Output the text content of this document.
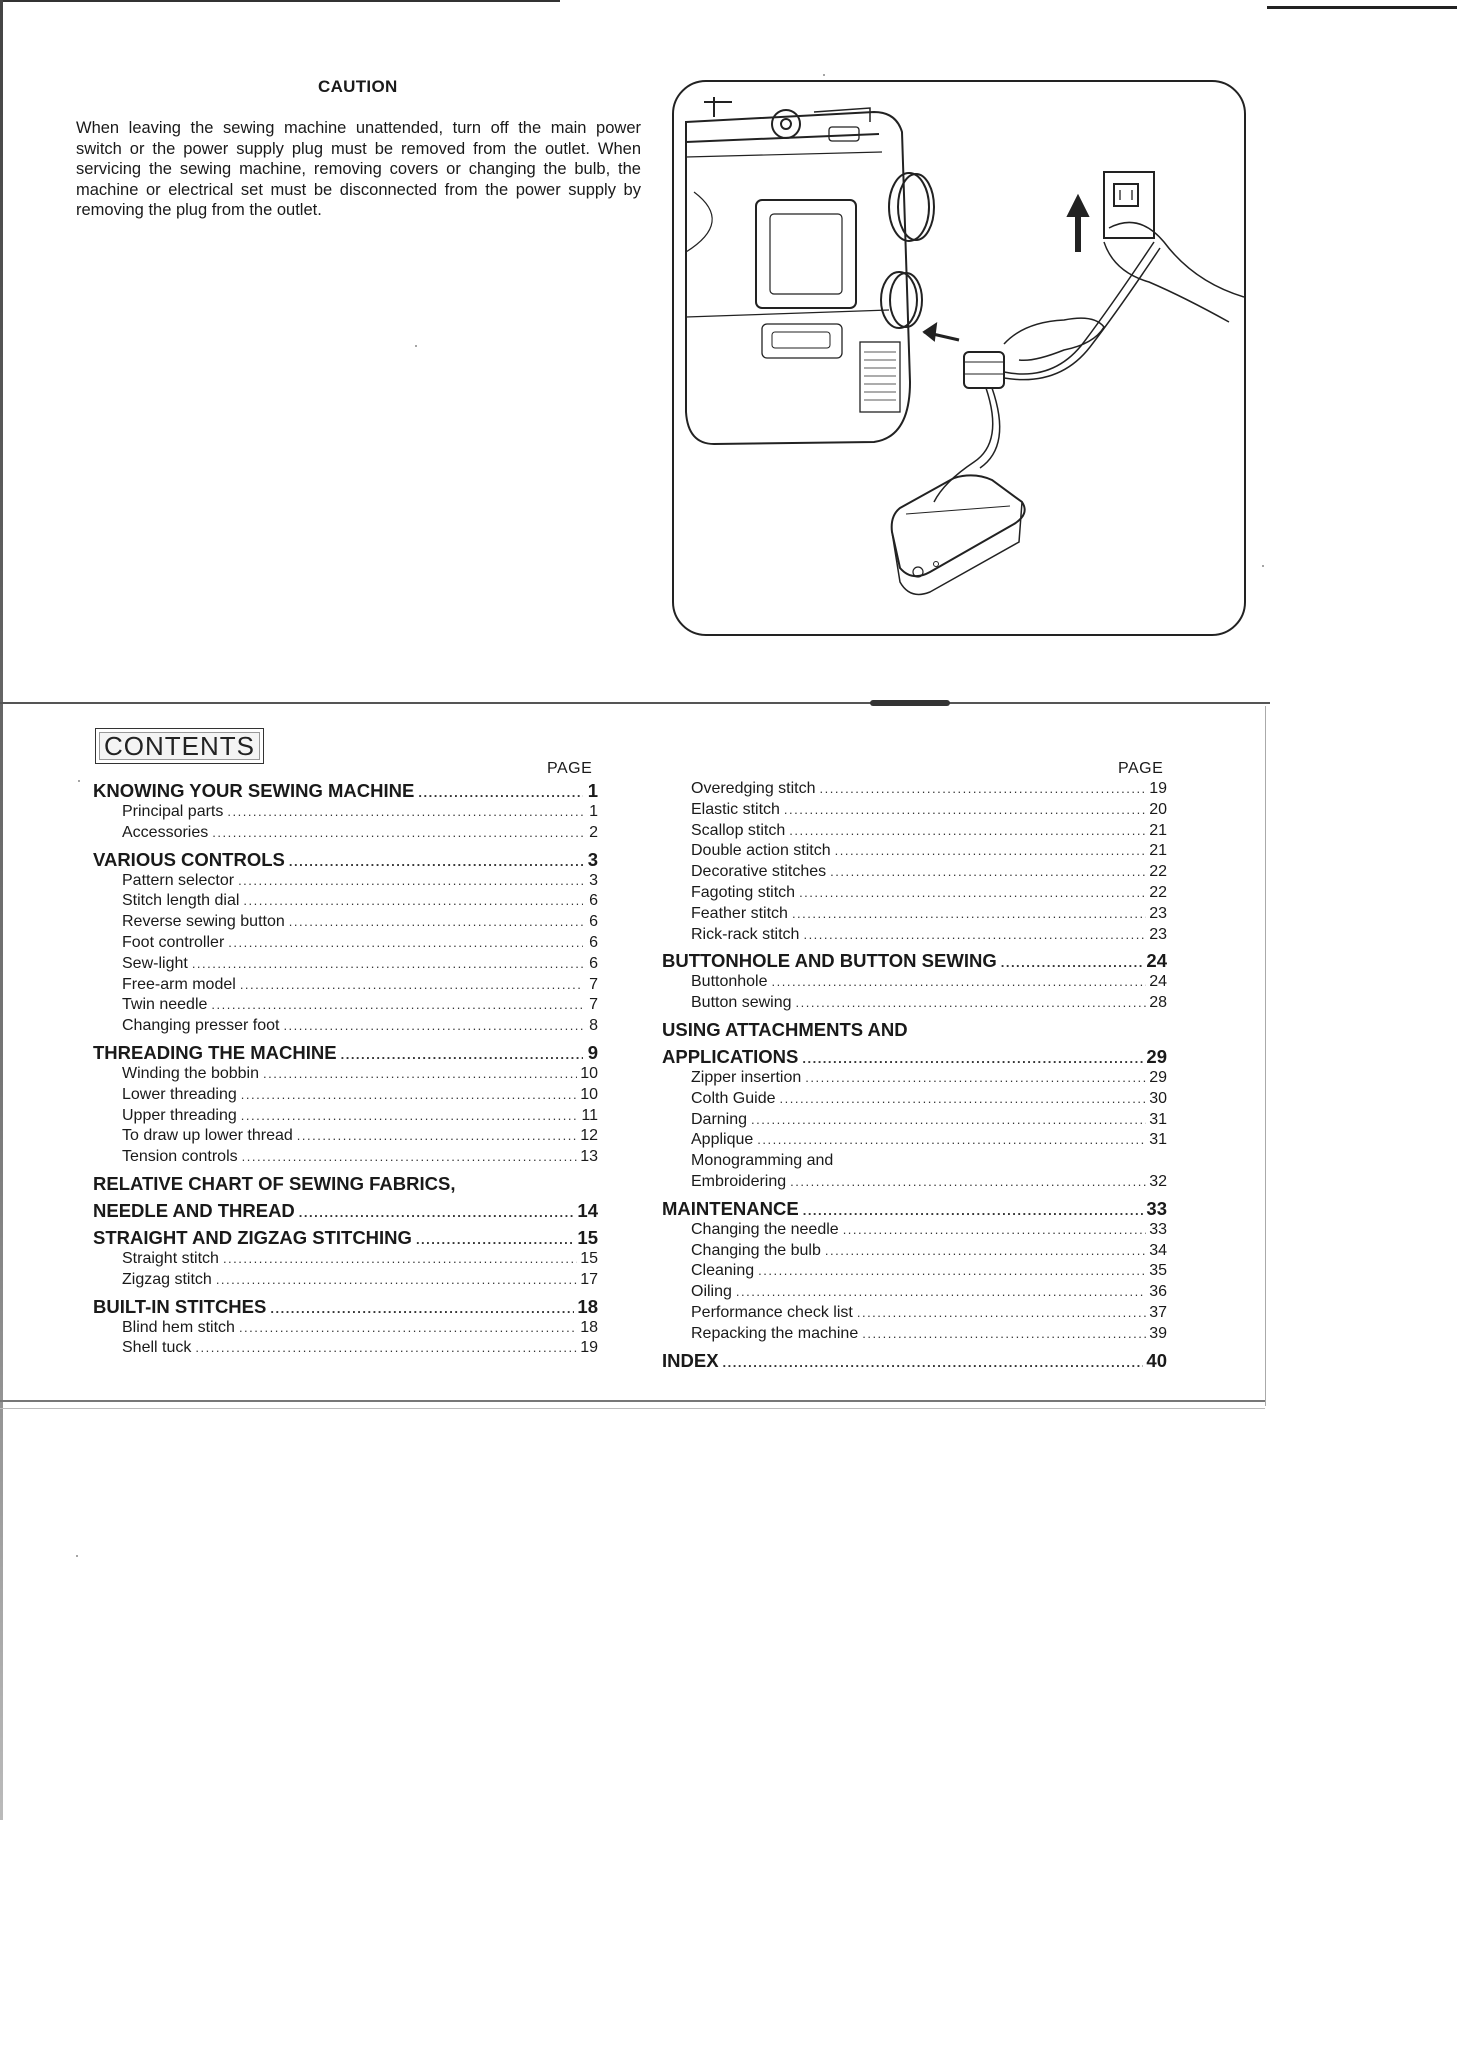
CAUTION
When leaving the sewing machine unattended, turn off the main power switch or the power supply plug must be removed from the outlet. When servicing the sewing machine, removing covers or changing the bulb, the machine or electrical set must be disconnected from the power supply by removing the plug from the outlet.
CONTENTS
PAGE	PAGE
KNOWING YOUR SEWING MACHINE .....	1
Principal parts .....	1
Accessories .....	2
VARIOUS CONTROLS .....	3
Pattern selector .....	3
Stitch length dial .....	6
Reverse sewing button .....	6
Foot controller .....	6
Sew-light .....	6
Free-arm model .....	7
Twin needle .....	7
Changing presser foot .....	8
THREADING THE MACHINE .....	9
Winding the bobbin .....	10
Lower threading .....	10
Upper threading .....	11
To draw up lower thread .....	12
Tension controls .....	13
RELATIVE CHART OF SEWING FABRICS,
NEEDLE AND THREAD .....	14
STRAIGHT AND ZIGZAG STITCHING .....	15
Straight stitch .....	15
Zigzag stitch .....	17
BUILT-IN STITCHES .....	18
Blind hem stitch .....	18
Shell tuck .....	19
Overedging stitch .....	19
Elastic stitch .....	20
Scallop stitch .....	21
Double action stitch .....	21
Decorative stitches .....	22
Fagoting stitch .....	22
Feather stitch .....	23
Rick-rack stitch .....	23
BUTTONHOLE AND BUTTON SEWING .....	24
Buttonhole .....	24
Button sewing .....	28
USING ATTACHMENTS AND
APPLICATIONS .....	29
Zipper insertion .....	29
Colth Guide .....	30
Darning .....	31
Applique .....	31
Monogramming and
Embroidering .....	32
MAINTENANCE .....	33
Changing the needle .....	33
Changing the bulb .....	34
Cleaning .....	35
Oiling .....	36
Performance check list .....	37
Repacking the machine .....	39
INDEX .....	40
